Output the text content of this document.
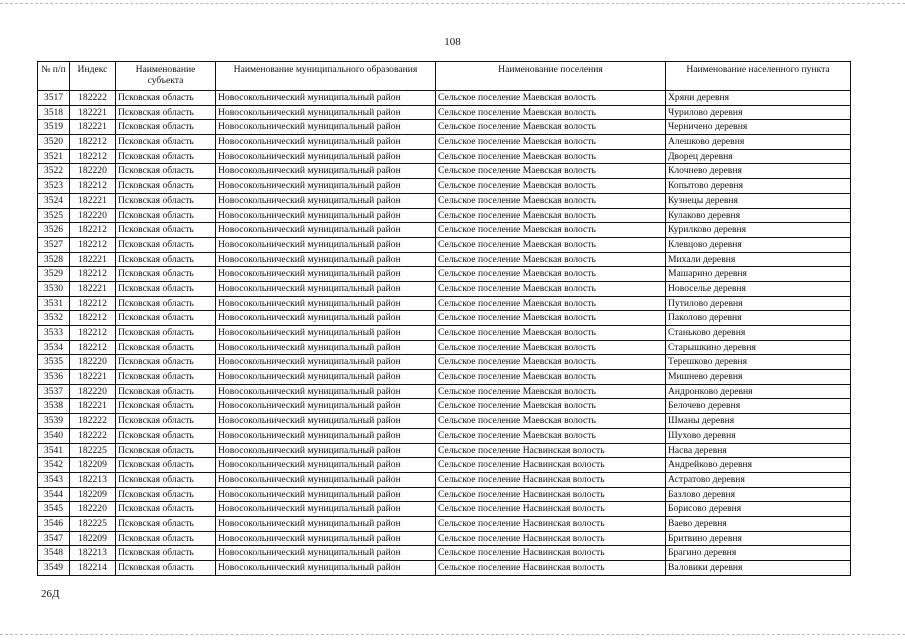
108
№ п/п	Индекс	Наименование субъекта	Наименование муниципального образования	Наименование поселения	Наименование населенного пункта
3517	182222	Псковская область	Новосокольнический муниципальный район	Сельское поселение Маевская волость	Хряни деревня
3518	182221	Псковская область	Новосокольнический муниципальный район	Сельское поселение Маевская волость	Чурилово деревня
3519	182221	Псковская область	Новосокольнический муниципальный район	Сельское поселение Маевская волость	Черничено деревня
3520	182212	Псковская область	Новосокольнический муниципальный район	Сельское поселение Маевская волость	Алешково деревня
3521	182212	Псковская область	Новосокольнический муниципальный район	Сельское поселение Маевская волость	Дворец деревня
3522	182220	Псковская область	Новосокольнический муниципальный район	Сельское поселение Маевская волость	Клочнево деревня
3523	182212	Псковская область	Новосокольнический муниципальный район	Сельское поселение Маевская волость	Копытово деревня
3524	182221	Псковская область	Новосокольнический муниципальный район	Сельское поселение Маевская волость	Кузнецы деревня
3525	182220	Псковская область	Новосокольнический муниципальный район	Сельское поселение Маевская волость	Кулаково деревня
3526	182212	Псковская область	Новосокольнический муниципальный район	Сельское поселение Маевская волость	Курилково деревня
3527	182212	Псковская область	Новосокольнический муниципальный район	Сельское поселение Маевская волость	Клевцово деревня
3528	182221	Псковская область	Новосокольнический муниципальный район	Сельское поселение Маевская волость	Михали деревня
3529	182212	Псковская область	Новосокольнический муниципальный район	Сельское поселение Маевская волость	Машарино деревня
3530	182221	Псковская область	Новосокольнический муниципальный район	Сельское поселение Маевская волость	Новоселье деревня
3531	182212	Псковская область	Новосокольнический муниципальный район	Сельское поселение Маевская волость	Путилово деревня
3532	182212	Псковская область	Новосокольнический муниципальный район	Сельское поселение Маевская волость	Паколово деревня
3533	182212	Псковская область	Новосокольнический муниципальный район	Сельское поселение Маевская волость	Станьково деревня
3534	182212	Псковская область	Новосокольнический муниципальный район	Сельское поселение Маевская волость	Старышкино деревня
3535	182220	Псковская область	Новосокольнический муниципальный район	Сельское поселение Маевская волость	Терешково деревня
3536	182221	Псковская область	Новосокольнический муниципальный район	Сельское поселение Маевская волость	Мишнево деревня
3537	182220	Псковская область	Новосокольнический муниципальный район	Сельское поселение Маевская волость	Андронково деревня
3538	182221	Псковская область	Новосокольнический муниципальный район	Сельское поселение Маевская волость	Белочево деревня
3539	182222	Псковская область	Новосокольнический муниципальный район	Сельское поселение Маевская волость	Шманы деревня
3540	182222	Псковская область	Новосокольнический муниципальный район	Сельское поселение Маевская волость	Шухово деревня
3541	182225	Псковская область	Новосокольнический муниципальный район	Сельское поселение Насвинская волость	Насва деревня
3542	182209	Псковская область	Новосокольнический муниципальный район	Сельское поселение Насвинская волость	Андрейково деревня
3543	182213	Псковская область	Новосокольнический муниципальный район	Сельское поселение Насвинская волость	Астратово деревня
3544	182209	Псковская область	Новосокольнический муниципальный район	Сельское поселение Насвинская волость	Базлово деревня
3545	182220	Псковская область	Новосокольнический муниципальный район	Сельское поселение Насвинская волость	Борисово деревня
3546	182225	Псковская область	Новосокольнический муниципальный район	Сельское поселение Насвинская волость	Ваево деревня
3547	182209	Псковская область	Новосокольнический муниципальный район	Сельское поселение Насвинская волость	Бритвино деревня
3548	182213	Псковская область	Новосокольнический муниципальный район	Сельское поселение Насвинская волость	Брагино деревня
3549	182214	Псковская область	Новосокольнический муниципальный район	Сельское поселение Насвинская волость	Валовики деревня
26Д
